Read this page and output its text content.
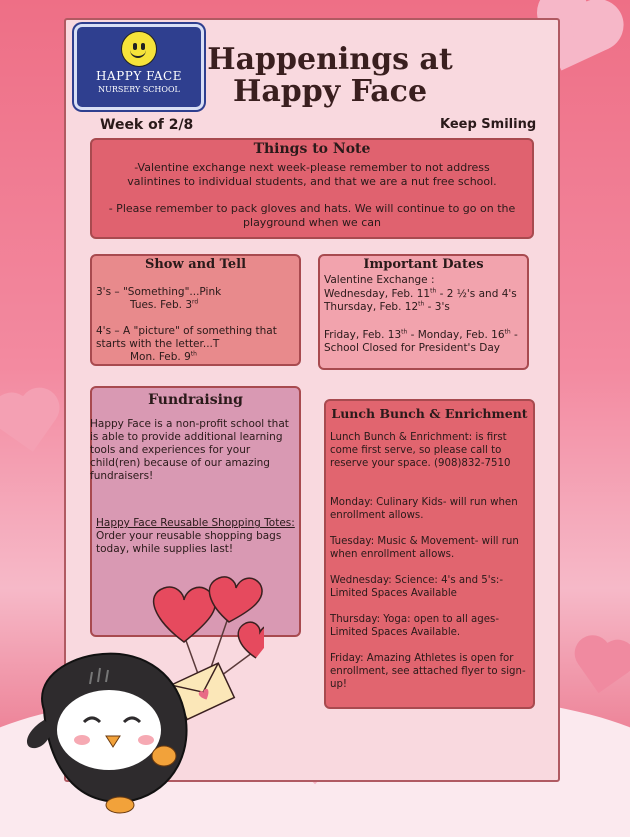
HAPPY FACE
NURSERY SCHOOL
Happenings at
Happy Face
Week of 2/8	Keep Smiling
Things to Note

-Valentine exchange next week-please remember to not address valintines to individual students, and that we are a nut free school.

- Please remember to pack gloves and hats. We will continue to go on the playground when we can

Show and Tell
3's – "Something"...Pink
Tues. Feb. 3rd
4's – A "picture" of something that starts with the letter...T
Mon. Feb. 9th
Important Dates
Valentine Exchange :
Wednesday, Feb. 11th - 2 ½'s and 4's
Thursday, Feb. 12th - 3's
Friday, Feb. 13th - Monday, Feb. 16th -
School Closed for President's Day
Fundraising

Happy Face is a non-profit school that is able to provide additional learning tools and experiences for your child(ren) because of our amazing fundraisers!

Happy Face Reusable Shopping Totes:

Order your reusable shopping bags today, while supplies last!

Lunch Bunch & Enrichment

Lunch Bunch & Enrichment: is first come first serve, so please call to reserve your space. (908)832-7510

Monday: Culinary Kids- will run when enrollment allows.

Tuesday: Music & Movement- will run when enrollment allows.

Wednesday: Science: 4's and 5's:- Limited Spaces Available

Thursday: Yoga: open to all ages- Limited Spaces Available.

Friday: Amazing Athletes is open for enrollment, see attached flyer to sign-up!
